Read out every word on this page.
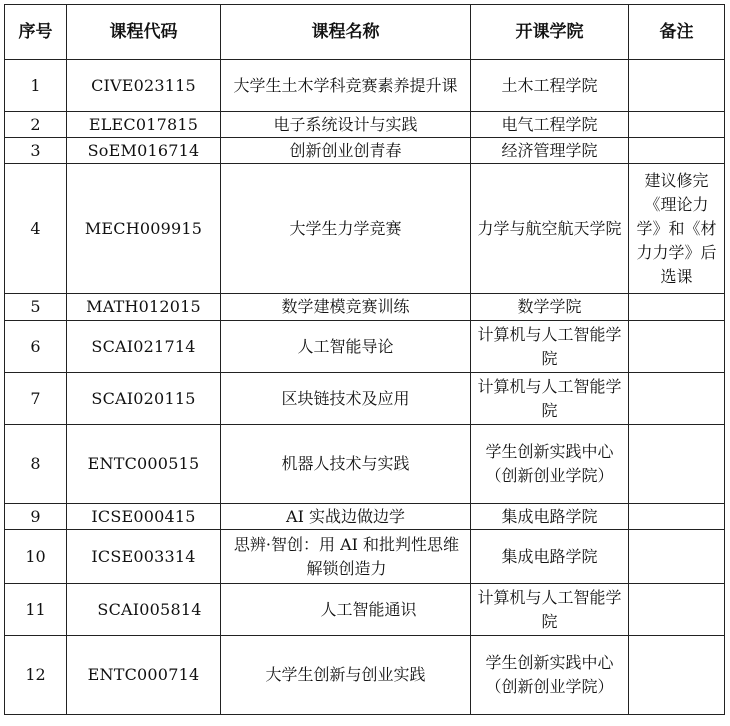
序号	课程代码	课程名称	开课学院	备注
1	CIVE023115	大学生土木学科竞赛素养提升课	土木工程学院	
2	ELEC017815	电子系统设计与实践	电气工程学院	
3	SoEM016714	创新创业创青春	经济管理学院	
4	MECH009915	大学生力学竞赛	力学与航空航天学院	建议修完《理论力学》和《材力力学》后选课
5	MATH012015	数学建模竞赛训练	数学学院	
6	SCAI021714	人工智能导论	计算机与人工智能学院	
7	SCAI020115	区块链技术及应用	计算机与人工智能学院	
8	ENTC000515	机器人技术与实践	学生创新实践中心（创新创业学院）	
9	ICSE000415	AI 实战边做边学	集成电路学院	
10	ICSE003314	思辨·智创：用 AI 和批判性思维解锁创造力	集成电路学院	
11	SCAI005814	人工智能通识	计算机与人工智能学院	
12	ENTC000714	大学生创新与创业实践	学生创新实践中心（创新创业学院）	
